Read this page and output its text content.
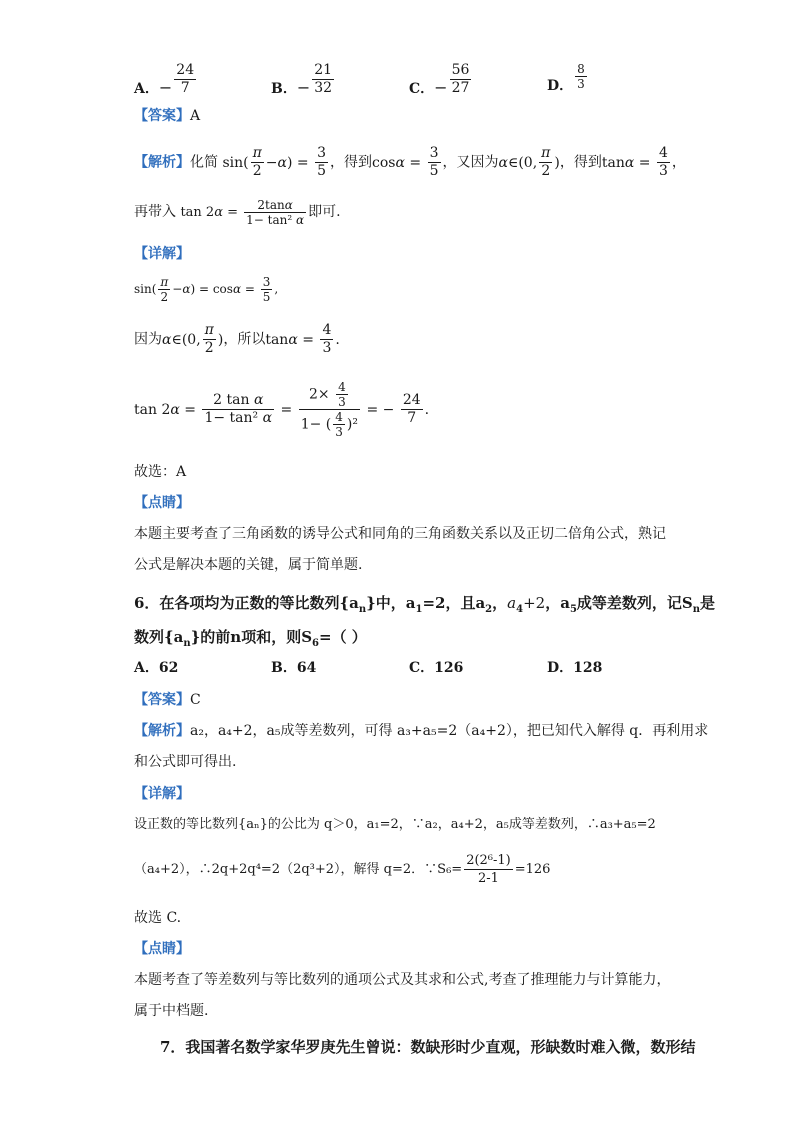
A．− $\frac{24}{7}$	B．− $\frac{21}{32}$	C．− $\frac{56}{27}$	D． $\frac{8}{3}$
【答案】A
【解析】化简 $\sin( \frac{\pi}{2} -\alpha) = \frac{3}{5}$ ，得到$\cos\alpha = \frac{3}{5}$ ，又因为α∈(0, $\frac{\pi}{2}$ )，得到$\tan\alpha = \frac{4}{3}$ ，
再带入 $\tan 2\alpha = \frac{2\tan\alpha}{\text{1− tan² α}}$ 即可.
【详解】
$\sin( \frac{\pi}{2} -\alpha) = \cos\alpha = \frac{3}{5}$ ,
因为α∈(0, $\frac{\pi}{2}$ )，所以$\tan\alpha = \frac{4}{3}$ .
$\tan 2\alpha = \frac{\text{2 tan α}}{\text{1− tan² α}} = \frac{2\times \frac{4}{3}}{1- ( \frac{4}{3} )^2}$ = − $\frac{24}{7}$ .
故选：A
【点睛】
本题主要考查了三角函数的诱导公式和同角的三角函数关系以及正切二倍角公式，熟记
公式是解决本题的关键，属于简单题.
6．在各项均为正数的等比数列$\{a_n\}$中，$a_1=2$，且$a_2$，$a_4+2$，$a_5$成等差数列，记$S_n$是
数列$\{a_n\}$的前n项和，则$S_6=$（ ）
A．62	B．64	C．126	D．128
【答案】C
【解析】a₂，a₄+2，a₅成等差数列，可得 a₃+a₅=2（a₄+2），把已知代入解得 q．再利用求
和公式即可得出.
【详解】
设正数的等比数列{aₙ}的公比为 q＞0，a₁=2，∵a₂，a₄+2，a₅成等差数列，∴a₃+a₅=2
（a₄+2），∴2q+2q⁴=2（2q³+2），解得 q=2．∵S₆= $\frac{\text{2(2⁶-1)}}{2-1} =126$
故选 C.
【点睛】
本题考查了等差数列与等比数列的通项公式及其求和公式,考查了推理能力与计算能力，
属于中档题.
7．我国著名数学家华罗庚先生曾说：数缺形时少直观，形缺数时难入微，数形结
